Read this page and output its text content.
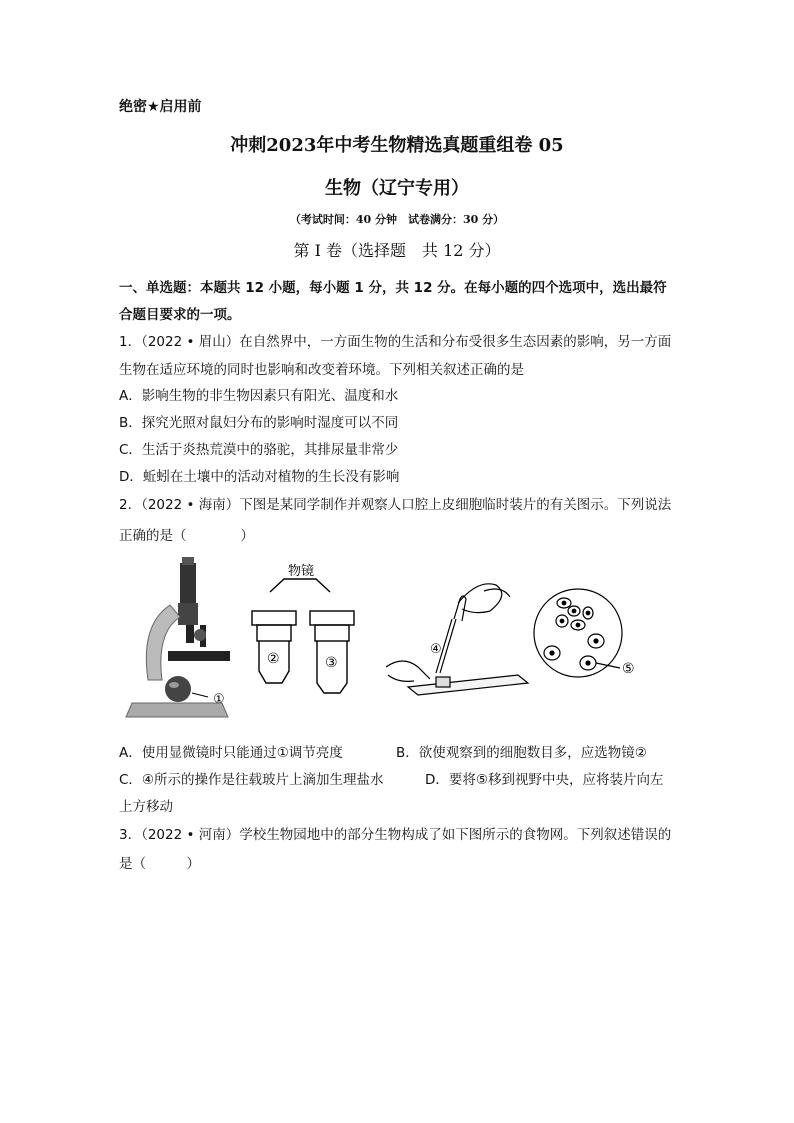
绝密★启用前
冲刺2023年中考生物精选真题重组卷 05
生物（辽宁专用）
（考试时间：40 分钟　试卷满分：30 分）
第 I 卷（选择题　共 12 分）
一、单选题：本题共 12 小题，每小题 1 分，共 12 分。在每小题的四个选项中，选出最符
合题目要求的一项。
1．（2022 • 眉山）在自然界中，一方面生物的生活和分布受很多生态因素的影响，另一方面
生物在适应环境的同时也影响和改变着环境。下列相关叙述正确的是
A．影响生物的非生物因素只有阳光、温度和水
B．探究光照对鼠妇分布的影响时湿度可以不同
C．生活于炎热荒漠中的骆驼，其排尿量非常少
D．蚯蚓在土壤中的活动对植物的生长没有影响
2．（2022 • 海南）下图是某同学制作并观察人口腔上皮细胞临时装片的有关图示。下列说法
正确的是（　　　　）
①
物镜
②	③
④
⑤
A．使用显微镜时只能通过①调节亮度	B．欲使观察到的细胞数目多，应选物镜②
C．④所示的操作是往载玻片上滴加生理盐水	D．要将⑤移到视野中央，应将装片向左
上方移动
3．（2022 • 河南）学校生物园地中的部分生物构成了如下图所示的食物网。下列叙述错误的
是（　　　）
